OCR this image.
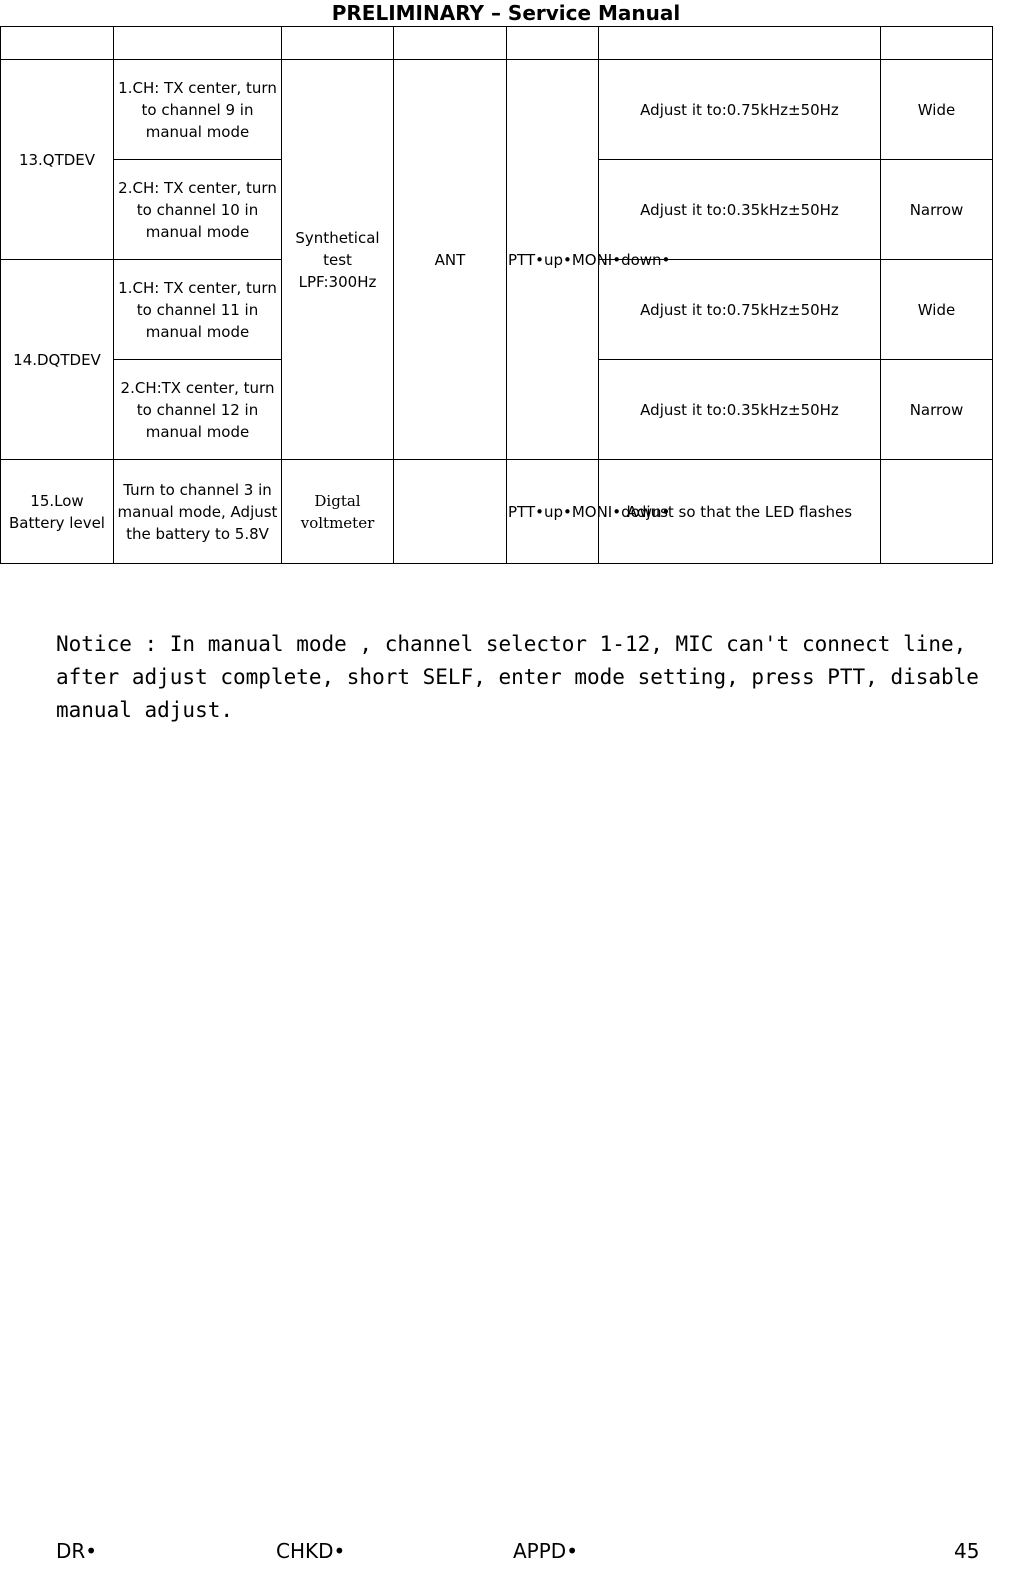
PRELIMINARY – Service Manual

13.QTDEV	1.CH: TX center, turn to channel 9 in manual mode	Synthetical test LPF:300Hz	ANT	PTT•up•MONI•down•	Adjust it to:0.75kHz±50Hz	Wide
	2.CH: TX center, turn to channel 10 in manual mode				Adjust it to:0.35kHz±50Hz	Narrow
14.DQTDEV	1.CH: TX center, turn to channel 11 in manual mode				Adjust it to:0.75kHz±50Hz	Wide
	2.CH:TX center, turn to channel 12 in manual mode				Adjust it to:0.35kHz±50Hz	Narrow
15.Low Battery level	Turn to channel 3 in manual mode, Adjust the battery to 5.8V	Digtal voltmeter		PTT•up•MONI•down•	Adjust so that the LED flashes	
Notice : In manual mode , channel selector 1-12, MIC can't connect line, after adjust complete, short SELF, enter mode setting, press PTT, disable manual adjust.
DR•	CHKD•	APPD•	45
